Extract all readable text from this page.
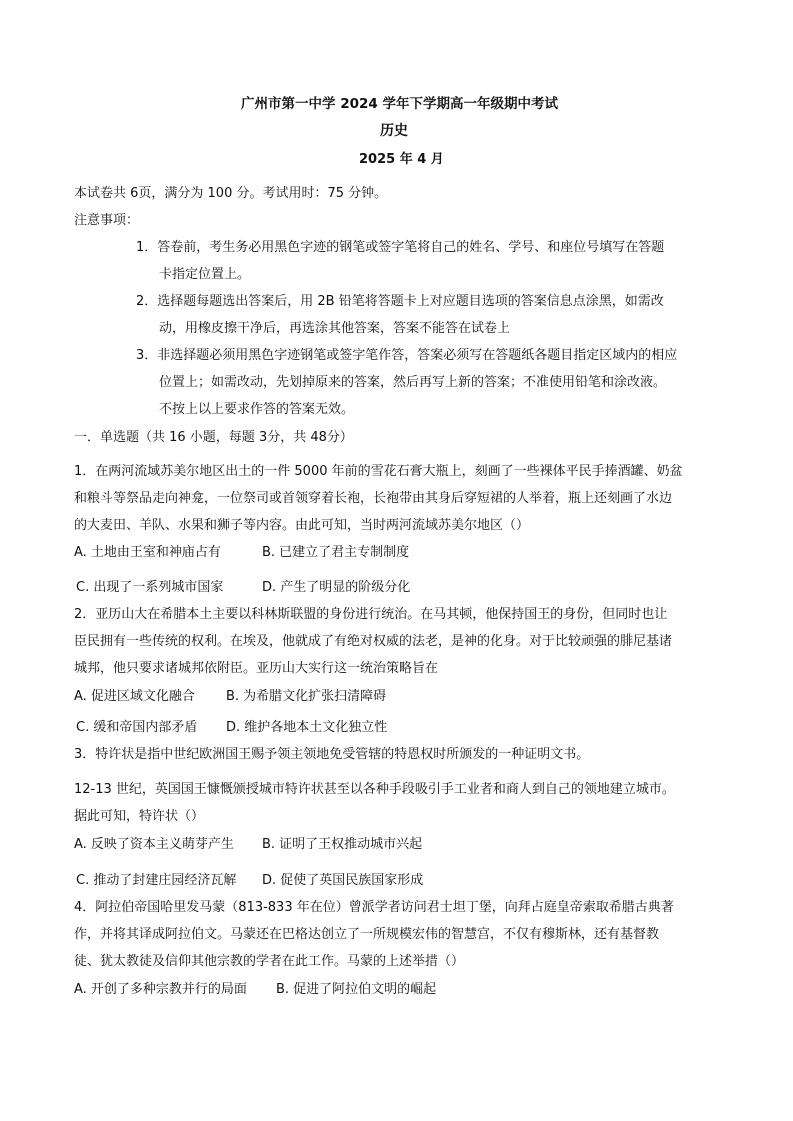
广州市第一中学 2024 学年下学期高一年级期中考试
历史
2025 年 4 月
本试卷共 6页，满分为 100 分。考试用时：75 分钟。
注意事项：
1．答卷前，考生务必用黑色字迹的钢笔或签字笔将自己的姓名、学号、和座位号填写在答题
卡指定位置上。
2．选择题每题选出答案后，用 2B 铅笔将答题卡上对应题目选项的答案信息点涂黑，如需改
动，用橡皮擦干净后，再选涂其他答案，答案不能答在试卷上
3．非选择题必须用黑色字迹钢笔或签字笔作答，答案必须写在答题纸各题目指定区域内的相应
位置上；如需改动，先划掉原来的答案，然后再写上新的答案；不准使用铅笔和涂改液。
不按上以上要求作答的答案无效。
一．单选题（共 16 小题，每题 3分，共 48分）
1．在两河流域苏美尔地区出土的一件 5000 年前的雪花石膏大瓶上，刻画了一些裸体平民手捧酒罐、奶盆
和粮斗等祭品走向神龛，一位祭司或首领穿着长袍，长袍带由其身后穿短裙的人举着，瓶上还刻画了水边
的大麦田、羊队、水果和狮子等内容。由此可知，当时两河流域苏美尔地区（）
A. 土地由王室和神庙占有	B. 已建立了君主专制制度
C. 出现了一系列城市国家	D. 产生了明显的阶级分化
2．亚历山大在希腊本土主要以科林斯联盟的身份进行统治。在马其顿，他保持国王的身份，但同时也让
臣民拥有一些传统的权利。在埃及，他就成了有绝对权威的法老，是神的化身。对于比较顽强的腓尼基诸
城邦，他只要求诸城邦依附臣。亚历山大实行这一统治策略旨在
A. 促进区域文化融合 B. 为希腊文化扩张扫清障碍
C. 缓和帝国内部矛盾 D. 维护各地本土文化独立性
3．特许状是指中世纪欧洲国王赐予领主领地免受管辖的特恩权时所颁发的一种证明文书。
12-13 世纪，英国国王慷慨颁授城市特许状甚至以各种手段吸引手工业者和商人到自己的领地建立城市。
据此可知，特许状（）
A. 反映了资本主义萌芽产生 B. 证明了王权推动城市兴起
C. 推动了封建庄园经济瓦解 D. 促使了英国民族国家形成
4．阿拉伯帝国哈里发马蒙（813-833 年在位）曾派学者访问君士坦丁堡，向拜占庭皇帝索取希腊古典著
作，并将其译成阿拉伯文。马蒙还在巴格达创立了一所规模宏伟的智慧宫，不仅有穆斯林，还有基督教
徒、犹太教徒及信仰其他宗教的学者在此工作。马蒙的上述举措（）
A. 开创了多种宗教并行的局面 B. 促进了阿拉伯文明的崛起
